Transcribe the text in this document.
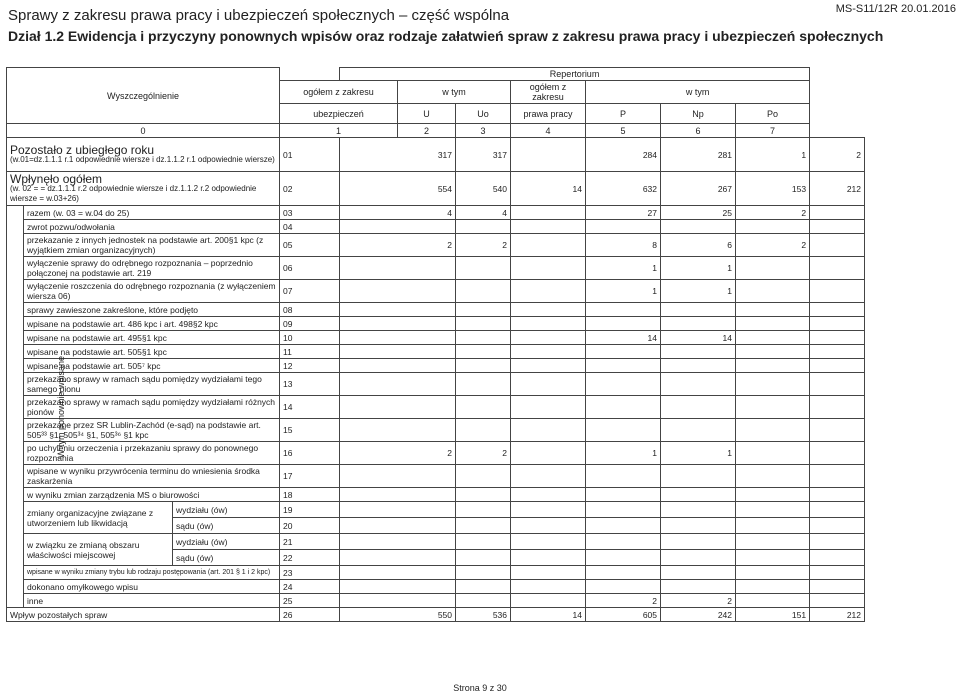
Sprawy z zakresu prawa pracy i ubezpieczeń społecznych – część wspólna	MS-S11/12R 20.01.2016
Dział 1.2 Ewidencja i przyczyny ponownych wpisów oraz rodzaje załatwień spraw z zakresu prawa pracy i ubezpieczeń społecznych
Wyszczególnienie				Repertorium							
			ogółem z zakresu		w tym		ogółem z zakresu	w tym			
			ubezpieczeń		U	Uo	prawa pracy	P	Np	Po	
0			1		2	3	4	5	6	7	

Pozostało z ubiegłego roku
(w.01=dz.1.1.1 r.1 odpowiednie wiersze i dz.1.1.2 r.1 odpowiednie wiersze)			01	317		317		284	281	1	2

Wpłynęło ogółem
(w. 02 = = dz.1.1.1 r.2 odpowiednie wiersze i dz.1.1.2 r.2 odpowiednie wiersze = w.03+26)			02	554		540	14	632	267	153	212
W tym ponownie wpisane	razem (w. 03 = w.04 do 25)		03	4		4		27	25	2	
	zwrot pozwu/odwołania		04								
	przekazanie z innych jednostek na podstawie art. 200§1 kpc (z wyjątkiem zmian organizacyjnych)		05	2		2		8	6	2	
	wyłączenie sprawy do odrębnego rozpoznania – poprzednio połączonej na podstawie art. 219		06					1	1		
	wyłączenie roszczenia do odrębnego rozpoznania (z wyłączeniem wiersza 06)		07					1	1		
	sprawy zawieszone zakreślone, które podjęto		08								
	wpisane na podstawie art. 486 kpc i art. 498§2 kpc		09								
	wpisane na podstawie art. 495§1 kpc		10					14	14		
	wpisane na podstawie art. 505§1 kpc		11								
	wpisane na podstawie art. 505⁷ kpc		12								
	przekazano sprawy w ramach sądu pomiędzy wydziałami tego samego pionu		13								
	przekazano sprawy w ramach sądu pomiędzy wydziałami różnych pionów		14								
	przekazane przez SR Lublin-Zachód (e-sąd) na podstawie art. 505³³ §1, 505³⁴ §1, 505³⁶ §1 kpc		15								
	po uchyleniu orzeczenia i przekazaniu sprawy do ponownego rozpoznania		16	2		2		1	1		
	wpisane w wyniku przywrócenia terminu do wniesienia środka zaskarżenia		17								
	w wyniku zmian zarządzenia MS o biurowości		18								
	zmiany organizacyjne związane z utworzeniem lub likwidacją	wydziału (ów)	19								
		sądu (ów)	20								
	w związku ze zmianą obszaru właściwości miejscowej	wydziału (ów)	21								
		sądu (ów)	22								
	wpisane w wyniku zmiany trybu lub rodzaju postępowania (art. 201 § 1 i 2 kpc)		23								
	dokonano omyłkowego wpisu		24								
	inne		25					2	2		
Wpływ pozostałych spraw			26	550		536	14	605	242	151	212
Strona 9 z 30
